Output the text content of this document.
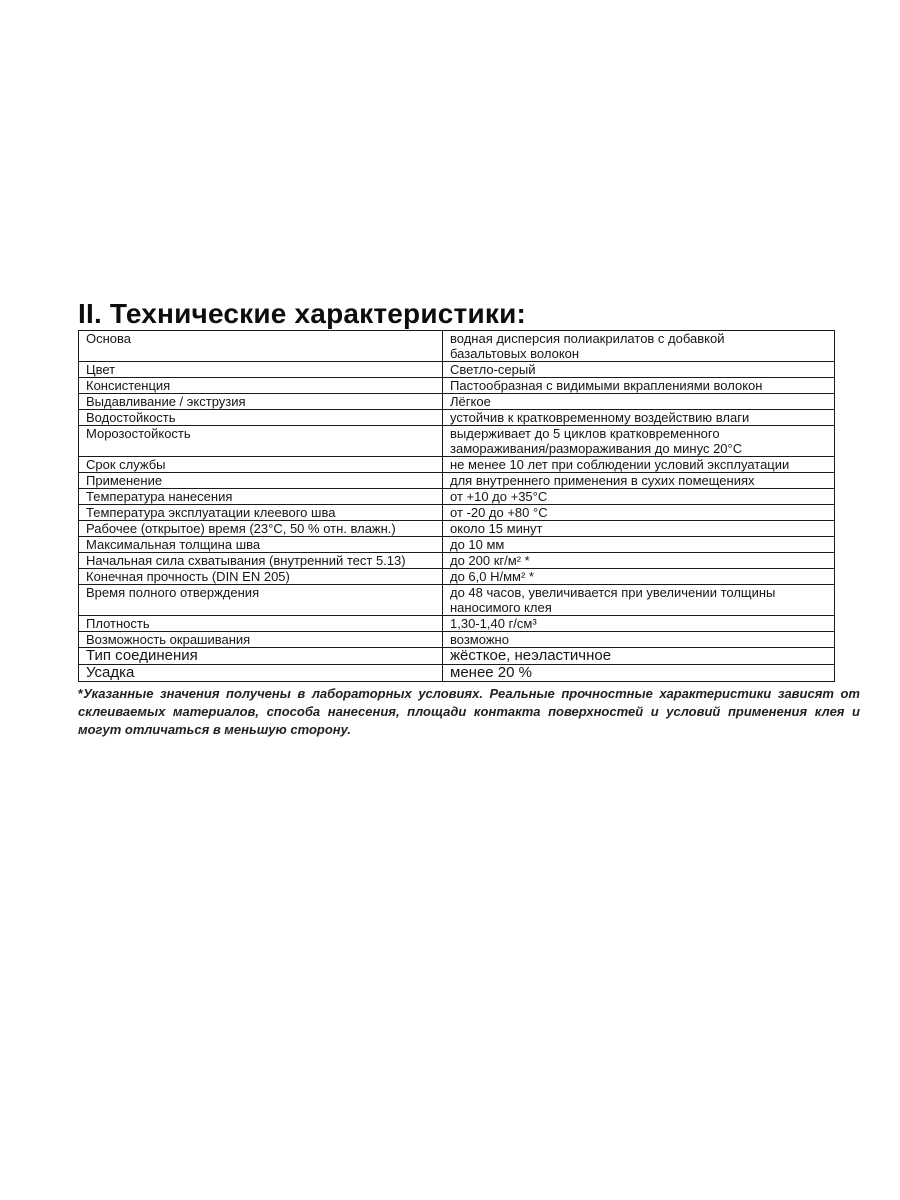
II. Технические характеристики:
Основа	водная дисперсия полиакрилатов с добавкой
базальтовых волокон
Цвет	Светло-серый
Консистенция	Пастообразная с видимыми вкраплениями волокон
Выдавливание / экструзия	Лёгкое
Водостойкость	устойчив к кратковременному воздействию влаги
Морозостойкость	выдерживает до 5 циклов кратковременного
замораживания/размораживания до минус 20°С
Срок службы	не менее 10 лет при соблюдении условий эксплуатации
Применение	для внутреннего применения в сухих помещениях
Температура нанесения	от +10 до +35°С
Температура эксплуатации клеевого шва	от -20 до +80 °С
Рабочее (открытое) время (23°С, 50 % отн. влажн.)	около 15 минут
Максимальная толщина шва	до 10 мм
Начальная сила схватывания (внутренний тест 5.13)	до 200 кг/м² *
Конечная прочность (DIN EN 205)	до 6,0 Н/мм² *
Время полного отверждения	до 48 часов, увеличивается при увеличении толщины
наносимого клея
Плотность	1,30-1,40 г/см³
Возможность окрашивания	возможно
Тип соединения	жёсткое, неэластичное
Усадка	менее 20 %

*Указанные значения получены в лабораторных условиях. Реальные прочностные характеристики зависят от склеиваемых материалов, способа нанесения, площади контакта поверхностей и условий применения клея и могут отличаться в меньшую сторону.
